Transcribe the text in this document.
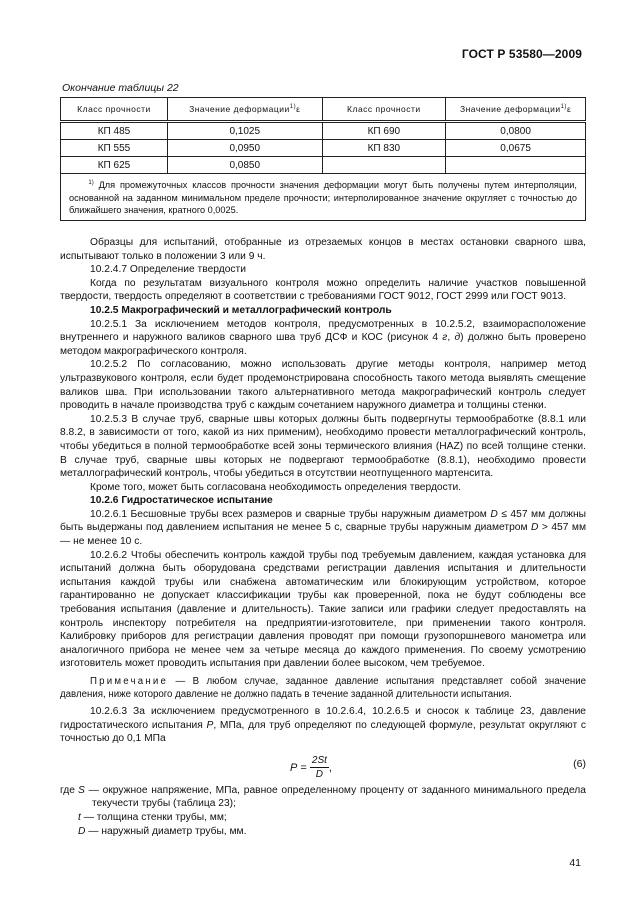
ГОСТ Р 53580—2009
Окончание таблицы 22
Класс прочности	Значение деформации$^{1)}$ε	Класс прочности	Значение деформации$^{1)}$ε
КП 485	0,1025	КП 690	0,0800
КП 555	0,0950	КП 830	0,0675
КП 625	0,0850		
$^{1)}$ Для промежуточных классов прочности значения деформации могут быть получены путем интерполяции, основанной на заданном минимальном пределе прочности; интерполированное значение округляет с точностью до ближайшего значения, кратного 0,0025.			

Образцы для испытаний, отобранные из отрезаемых концов в местах остановки сварного шва, испытывают только в положении 3 или 9 ч.

10.2.4.7 Определение твердости

Когда по результатам визуального контроля можно определить наличие участков повышенной твердости, твердость определяют в соответствии с требованиями ГОСТ 9012, ГОСТ 2999 или ГОСТ 9013.

10.2.5 Макрографический и металлографический контроль

10.2.5.1 За исключением методов контроля, предусмотренных в 10.2.5.2, взаиморасположение внутреннего и наружного валиков сварного шва труб ДСФ и КОС (рисунок 4 г, д) должно быть проверено методом макрографического контроля.

10.2.5.2 По согласованию, можно использовать другие методы контроля, например метод ультразвукового контроля, если будет продемонстрирована способность такого метода выявлять смещение валиков шва. При использовании такого альтернативного метода макрографический контроль следует проводить в начале производства труб с каждым сочетанием наружного диаметра и толщины стенки.

10.2.5.3 В случае труб, сварные швы которых должны быть подвергнуты термообработке (8.8.1 или 8.8.2, в зависимости от того, какой из них применим), необходимо провести металлографический контроль, чтобы убедиться в полной термообработке всей зоны термического влияния (HAZ) по всей толщине стенки. В случае труб, сварные швы которых не подвергают термообработке (8.8.1), необходимо провести металлографический контроль, чтобы убедиться в отсутствии неотпущенного мартенсита.

Кроме того, может быть согласована необходимость определения твердости.

10.2.6 Гидростатическое испытание

10.2.6.1 Бесшовные трубы всех размеров и сварные трубы наружным диаметром D ≤ 457 мм должны быть выдержаны под давлением испытания не менее 5 с, сварные трубы наружным диаметром D > 457 мм — не менее 10 с.

10.2.6.2 Чтобы обеспечить контроль каждой трубы под требуемым давлением, каждая установка для испытаний должна быть оборудована средствами регистрации давления испытания и длительности испытания каждой трубы или снабжена автоматическим или блокирующим устройством, которое гарантированно не допускает классификации трубы как проверенной, пока не будут соблюдены все требования испытания (давление и длительность). Такие записи или графики следует предоставлять на контроль инспектору потребителя на предприятии-изготовителе, при применении такого контроля. Калибровку приборов для регистрации давления проводят при помощи грузопоршневого манометра или аналогичного прибора не менее чем за четыре месяца до каждого применения. По своему усмотрению изготовитель может проводить испытания при давлении более высоком, чем требуемое.

Примечание — В любом случае, заданное давление испытания представляет собой значение давления, ниже которого давление не должно падать в течение заданной длительности испытания.

10.2.6.3 За исключением предусмотренного в 10.2.6.4, 10.2.6.5 и сноcок к таблице 23, давление гидростатического испытания P, МПа, для труб определяют по следующей формуле, результат округляют с точностью до 0,1 МПа

$P = \frac{2St}{D}$ ,	(6)
где S — окружное напряжение, МПа, равное определенному проценту от заданного минимального предела текучести трубы (таблица 23);
t — толщина стенки трубы, мм;
D — наружный диаметр трубы, мм.
41
